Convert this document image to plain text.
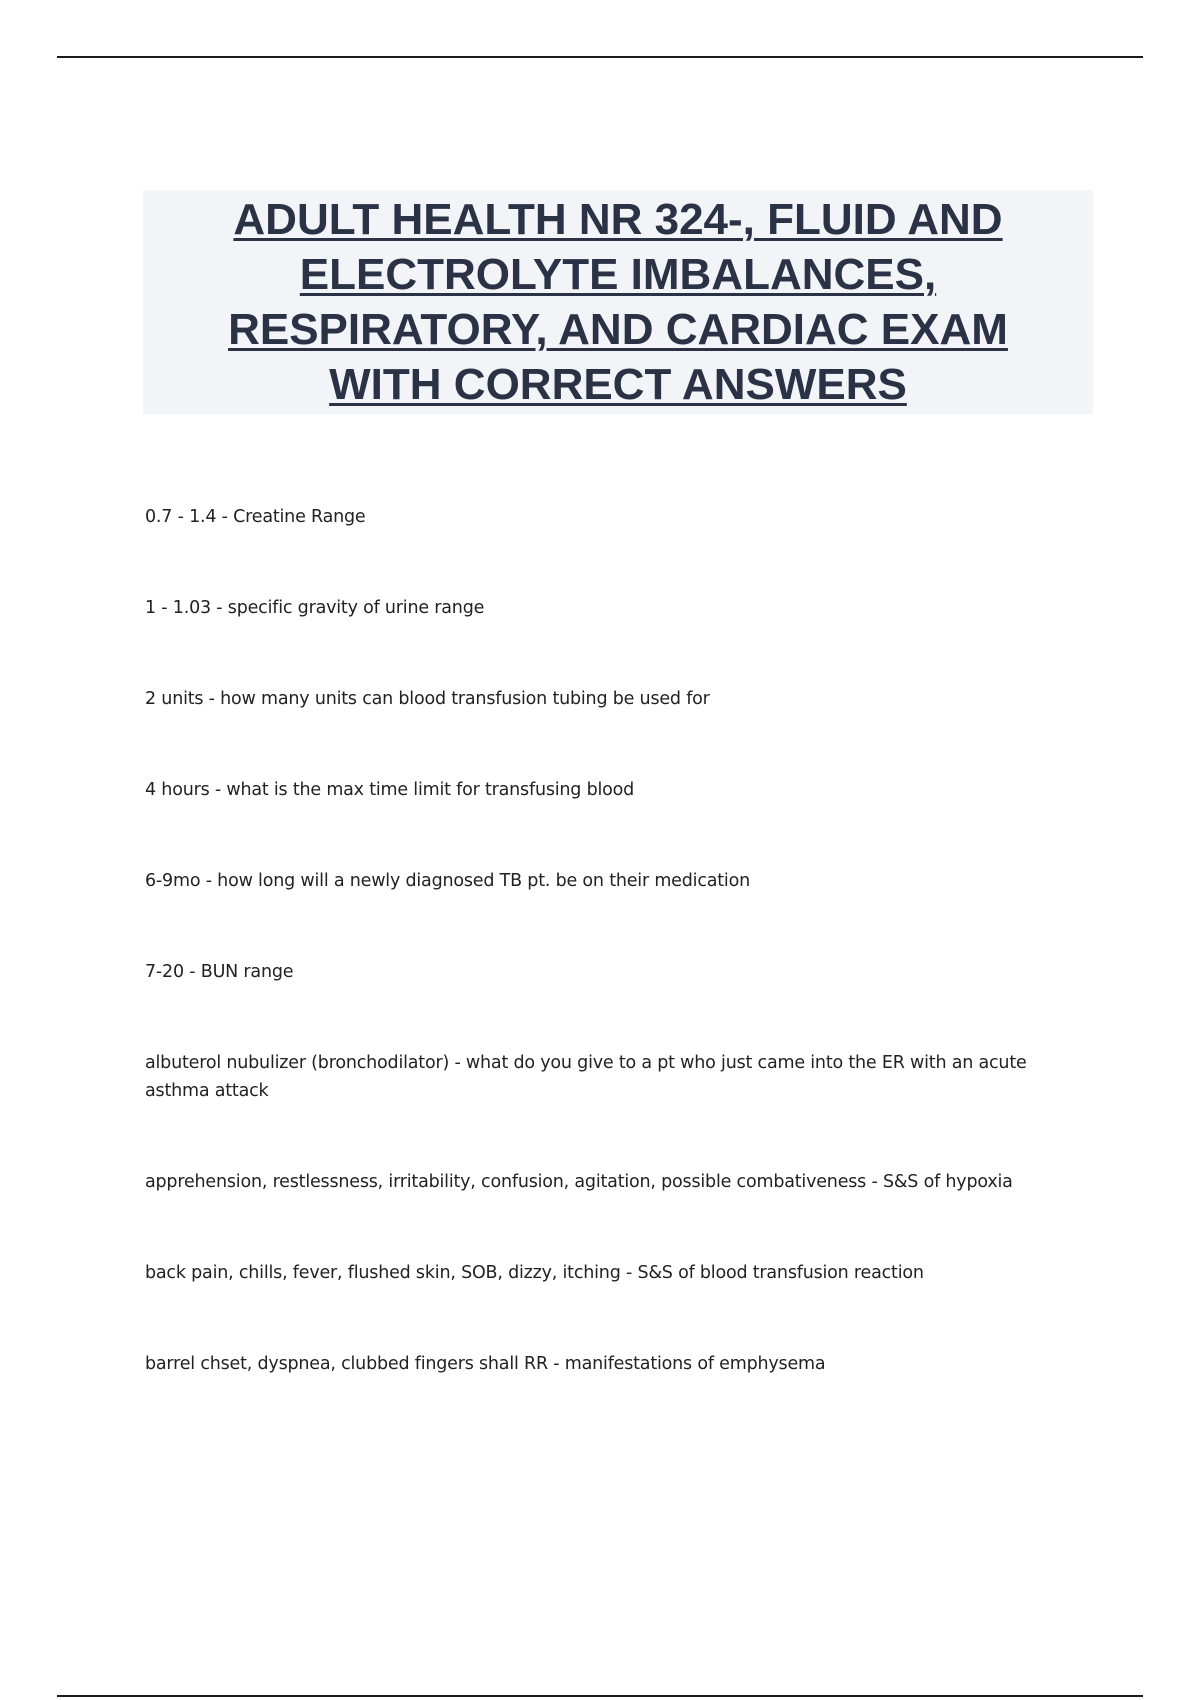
ADULT HEALTH NR 324-, FLUID AND ELECTROLYTE IMBALANCES, RESPIRATORY, AND CARDIAC EXAM WITH CORRECT ANSWERS
0.7 - 1.4 - Creatine Range
1 - 1.03 - specific gravity of urine range
2 units - how many units can blood transfusion tubing be used for
4 hours - what is the max time limit for transfusing blood
6-9mo - how long will a newly diagnosed TB pt. be on their medication
7-20 - BUN range
albuterol nubulizer (bronchodilator) - what do you give to a pt who just came into the ER with an acute asthma attack
apprehension, restlessness, irritability, confusion, agitation, possible combativeness - S&S of hypoxia
back pain, chills, fever, flushed skin, SOB, dizzy, itching - S&S of blood transfusion reaction
barrel chset, dyspnea, clubbed fingers shall RR - manifestations of emphysema
